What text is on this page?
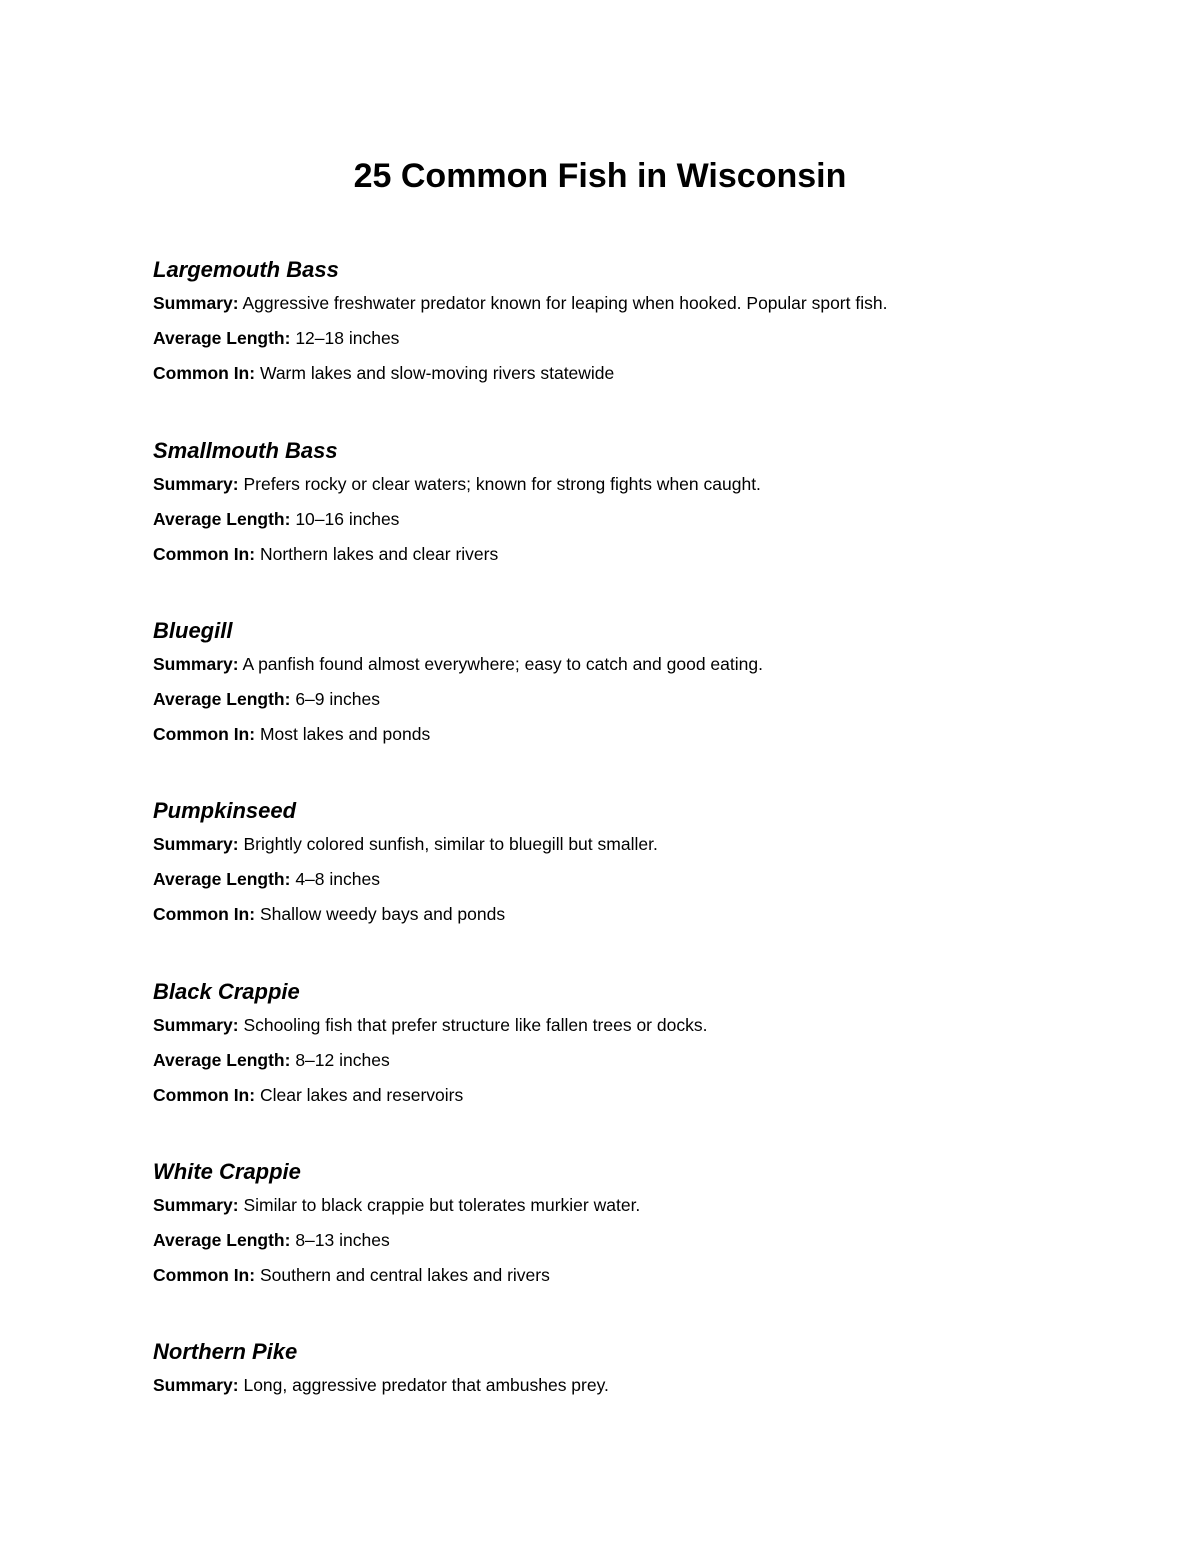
25 Common Fish in Wisconsin

Largemouth Bass

Summary: Aggressive freshwater predator known for leaping when hooked. Popular sport fish.

Average Length: 12–18 inches

Common In: Warm lakes and slow-moving rivers statewide

Smallmouth Bass

Summary: Prefers rocky or clear waters; known for strong fights when caught.

Average Length: 10–16 inches

Common In: Northern lakes and clear rivers

Bluegill

Summary: A panfish found almost everywhere; easy to catch and good eating.

Average Length: 6–9 inches

Common In: Most lakes and ponds

Pumpkinseed

Summary: Brightly colored sunfish, similar to bluegill but smaller.

Average Length: 4–8 inches

Common In: Shallow weedy bays and ponds

Black Crappie

Summary: Schooling fish that prefer structure like fallen trees or docks.

Average Length: 8–12 inches

Common In: Clear lakes and reservoirs

White Crappie

Summary: Similar to black crappie but tolerates murkier water.

Average Length: 8–13 inches

Common In: Southern and central lakes and rivers

Northern Pike

Summary: Long, aggressive predator that ambushes prey.
